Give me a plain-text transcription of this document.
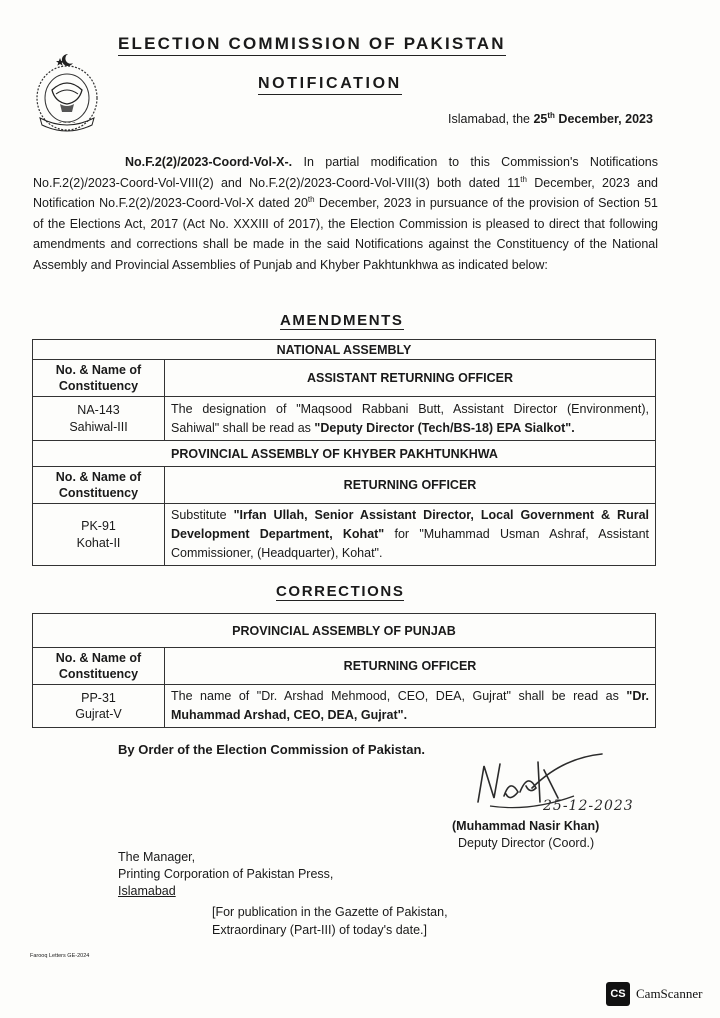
~ ~ ~ ~
ELECTION COMMISSION OF PAKISTAN
NOTIFICATION
Islamabad, the 25th December, 2023
No.F.2(2)/2023-Coord-Vol-X-. In partial modification to this Commission's Notifications No.F.2(2)/2023-Coord-Vol-VIII(2) and No.F.2(2)/2023-Coord-Vol-VIII(3) both dated 11th December, 2023 and Notification No.F.2(2)/2023-Coord-Vol-X dated 20th December, 2023 in pursuance of the provision of Section 51 of the Elections Act, 2017 (Act No. XXXIII of 2017), the Election Commission is pleased to direct that following amendments and corrections shall be made in the said Notifications against the Constituency of the National Assembly and Provincial Assemblies of Punjab and Khyber Pakhtunkhwa as indicated below:
AMENDMENTS
NATIONAL ASSEMBLY	
No. & Name of Constituency	ASSISTANT RETURNING OFFICER

NA-143
Sahiwal-III	The designation of "Maqsood Rabbani Butt, Assistant Director (Environment), Sahiwal" shall be read as "Deputy Director (Tech/BS-18) EPA Sialkot".
PROVINCIAL ASSEMBLY OF KHYBER PAKHTUNKHWA	
No. & Name of Constituency	RETURNING OFFICER

PK-91
Kohat-II	Substitute "Irfan Ullah, Senior Assistant Director, Local Government & Rural Development Department, Kohat" for "Muhammad Usman Ashraf, Assistant Commissioner, (Headquarter), Kohat".
CORRECTIONS
PROVINCIAL ASSEMBLY OF PUNJAB	
No. & Name of Constituency	RETURNING OFFICER

PP-31
Gujrat-V	The name of "Dr. Arshad Mehmood, CEO, DEA, Gujrat" shall be read as "Dr. Muhammad Arshad, CEO, DEA, Gujrat".
By Order of the Election Commission of Pakistan.
25-12-2023
(Muhammad Nasir Khan)
Deputy Director (Coord.)
The Manager,
Printing Corporation of Pakistan Press,
Islamabad
[For publication in the Gazette of Pakistan,
Extraordinary (Part-III) of today's date.]
Farooq Letters GE-2024
CS CamScanner
